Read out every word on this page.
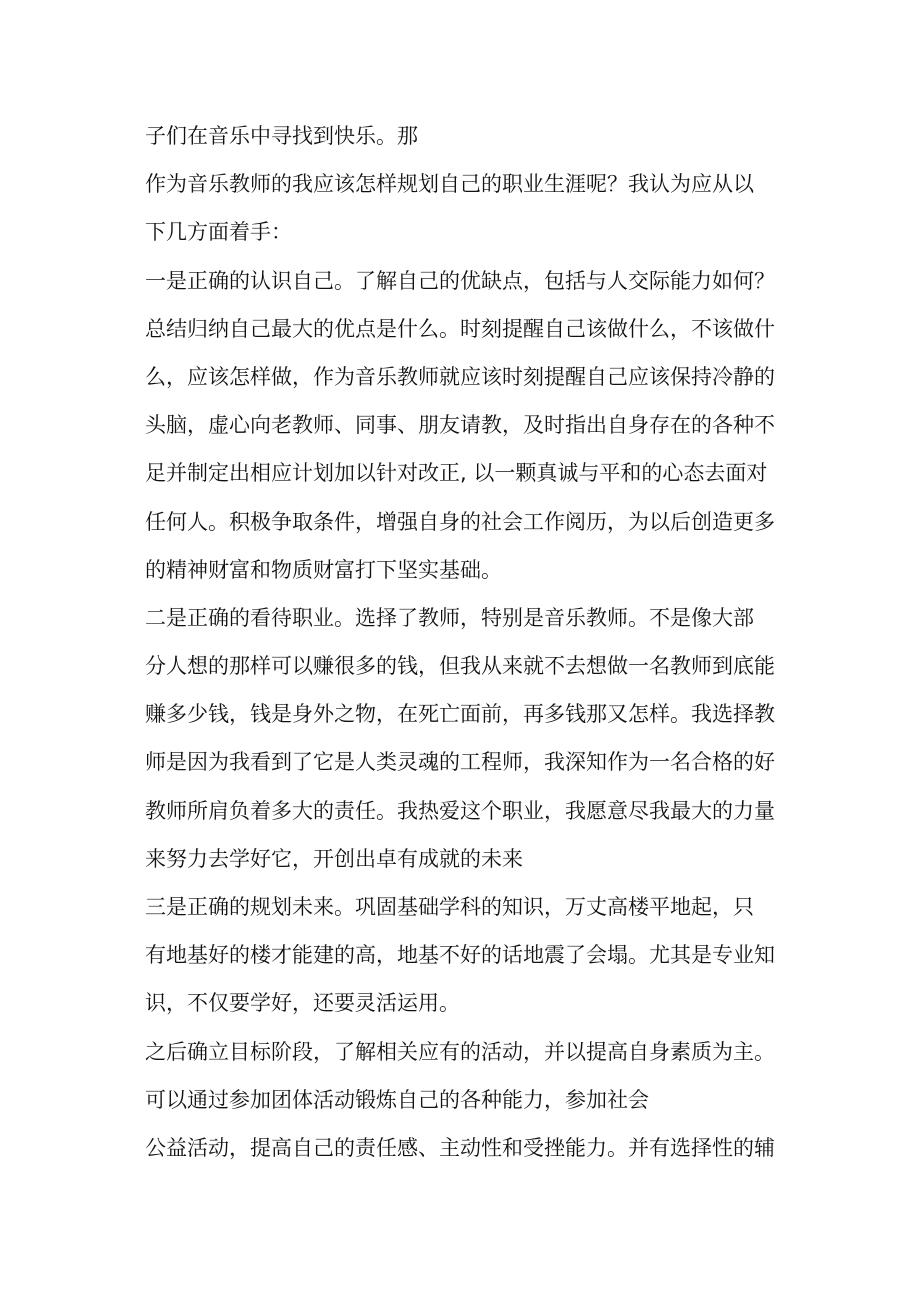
子们在音乐中寻找到快乐。那
作为音乐教师的我应该怎样规划自己的职业生涯呢？我认为应从以
下几方面着手：
一是正确的认识自己。了解自己的优缺点，包括与人交际能力如何？
总结归纳自己最大的优点是什么。时刻提醒自己该做什么，不该做什
么，应该怎样做，作为音乐教师就应该时刻提醒自己应该保持冷静的
头脑，虚心向老教师、同事、朋友请教，及时指出自身存在的各种不
足并制定出相应计划加以针对改正, 以一颗真诚与平和的心态去面对
任何人。积极争取条件，增强自身的社会工作阅历，为以后创造更多
的精神财富和物质财富打下坚实基础。
二是正确的看待职业。选择了教师，特别是音乐教师。不是像大部
分人想的那样可以赚很多的钱，但我从来就不去想做一名教师到底能
赚多少钱，钱是身外之物，在死亡面前，再多钱那又怎样。我选择教
师是因为我看到了它是人类灵魂的工程师，我深知作为一名合格的好
教师所肩负着多大的责任。我热爱这个职业，我愿意尽我最大的力量
来努力去学好它，开创出卓有成就的未来
三是正确的规划未来。巩固基础学科的知识，万丈高楼平地起，只
有地基好的楼才能建的高，地基不好的话地震了会塌。尤其是专业知
识，不仅要学好，还要灵活运用。
之后确立目标阶段，了解相关应有的活动，并以提高自身素质为主。
可以通过参加团体活动锻炼自己的各种能力，参加社会
公益活动，提高自己的责任感、主动性和受挫能力。并有选择性的辅
